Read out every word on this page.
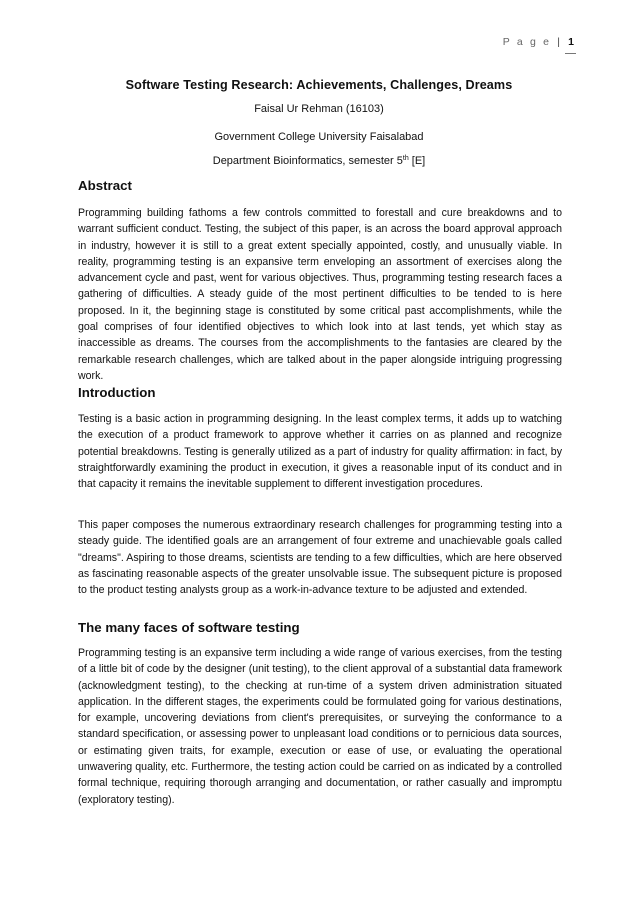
P a g e | 1
Software Testing Research: Achievements, Challenges, Dreams
Faisal Ur Rehman (16103)
Government College University Faisalabad
Department Bioinformatics, semester 5th [E]
Abstract

Programming building fathoms a few controls committed to forestall and cure breakdowns and to warrant sufficient conduct. Testing, the subject of this paper, is an across the board approval approach in industry, however it is still to a great extent specially appointed, costly, and unusually viable. In reality, programming testing is an expansive term enveloping an assortment of exercises along the advancement cycle and past, went for various objectives. Thus, programming testing research faces a gathering of difficulties. A steady guide of the most pertinent difficulties to be tended to is here proposed. In it, the beginning stage is constituted by some critical past accomplishments, while the goal comprises of four identified objectives to which look into at last tends, yet which stay as inaccessible as dreams. The courses from the accomplishments to the fantasies are cleared by the remarkable research challenges, which are talked about in the paper alongside intriguing progressing work.

Introduction

Testing is a basic action in programming designing. In the least complex terms, it adds up to watching the execution of a product framework to approve whether it carries on as planned and recognize potential breakdowns. Testing is generally utilized as a part of industry for quality affirmation: in fact, by straightforwardly examining the product in execution, it gives a reasonable input of its conduct and in that capacity it remains the inevitable supplement to different investigation procedures.

This paper composes the numerous extraordinary research challenges for programming testing into a steady guide. The identified goals are an arrangement of four extreme and unachievable goals called "dreams". Aspiring to those dreams, scientists are tending to a few difficulties, which are here observed as fascinating reasonable aspects of the greater unsolvable issue. The subsequent picture is proposed to the product testing analysts group as a work-in-advance texture to be adjusted and extended.

The many faces of software testing

Programming testing is an expansive term including a wide range of various exercises, from the testing of a little bit of code by the designer (unit testing), to the client approval of a substantial data framework (acknowledgment testing), to the checking at run-time of a system driven administration situated application. In the different stages, the experiments could be formulated going for various destinations, for example, uncovering deviations from client's prerequisites, or surveying the conformance to a standard specification, or assessing power to unpleasant load conditions or to pernicious data sources, or estimating given traits, for example, execution or ease of use, or evaluating the operational unwavering quality, etc. Furthermore, the testing action could be carried on as indicated by a controlled formal technique, requiring thorough arranging and documentation, or rather casually and impromptu (exploratory testing).
